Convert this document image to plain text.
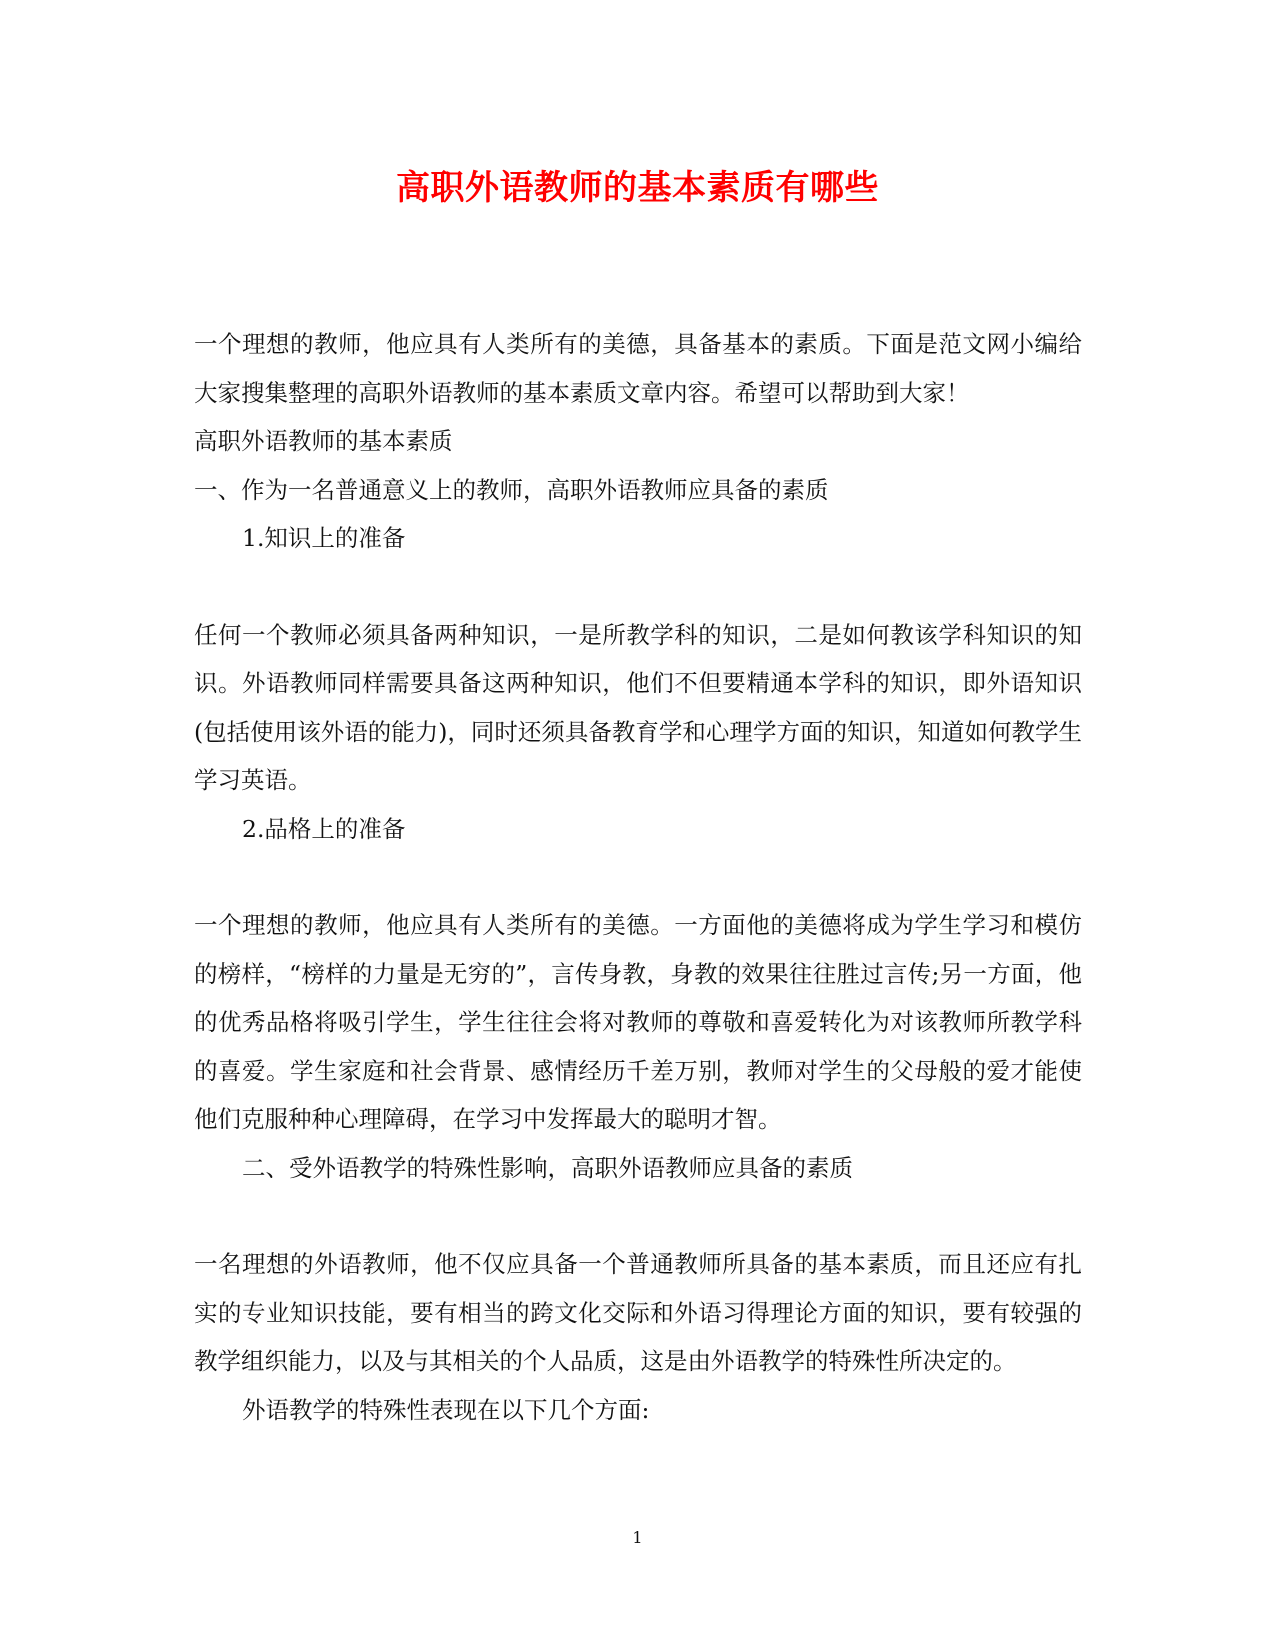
高职外语教师的基本素质有哪些

一个理想的教师，他应具有人类所有的美德，具备基本的素质。下面是范文网小编给大家搜集整理的高职外语教师的基本素质文章内容。希望可以帮助到大家！

高职外语教师的基本素质

一、作为一名普通意义上的教师，高职外语教师应具备的素质

1.知识上的准备

任何一个教师必须具备两种知识，一是所教学科的知识，二是如何教该学科知识的知识。外语教师同样需要具备这两种知识，他们不但要精通本学科的知识，即外语知识(包括使用该外语的能力)，同时还须具备教育学和心理学方面的知识，知道如何教学生学习英语。

2.品格上的准备

一个理想的教师，他应具有人类所有的美德。一方面他的美德将成为学生学习和模仿的榜样，“榜样的力量是无穷的”，言传身教，身教的效果往往胜过言传;另一方面，他的优秀品格将吸引学生，学生往往会将对教师的尊敬和喜爱转化为对该教师所教学科的喜爱。学生家庭和社会背景、感情经历千差万别，教师对学生的父母般的爱才能使他们克服种种心理障碍，在学习中发挥最大的聪明才智。

二、受外语教学的特殊性影响，高职外语教师应具备的素质

一名理想的外语教师，他不仅应具备一个普通教师所具备的基本素质，而且还应有扎实的专业知识技能，要有相当的跨文化交际和外语习得理论方面的知识，要有较强的教学组织能力，以及与其相关的个人品质，这是由外语教学的特殊性所决定的。

外语教学的特殊性表现在以下几个方面:

1
